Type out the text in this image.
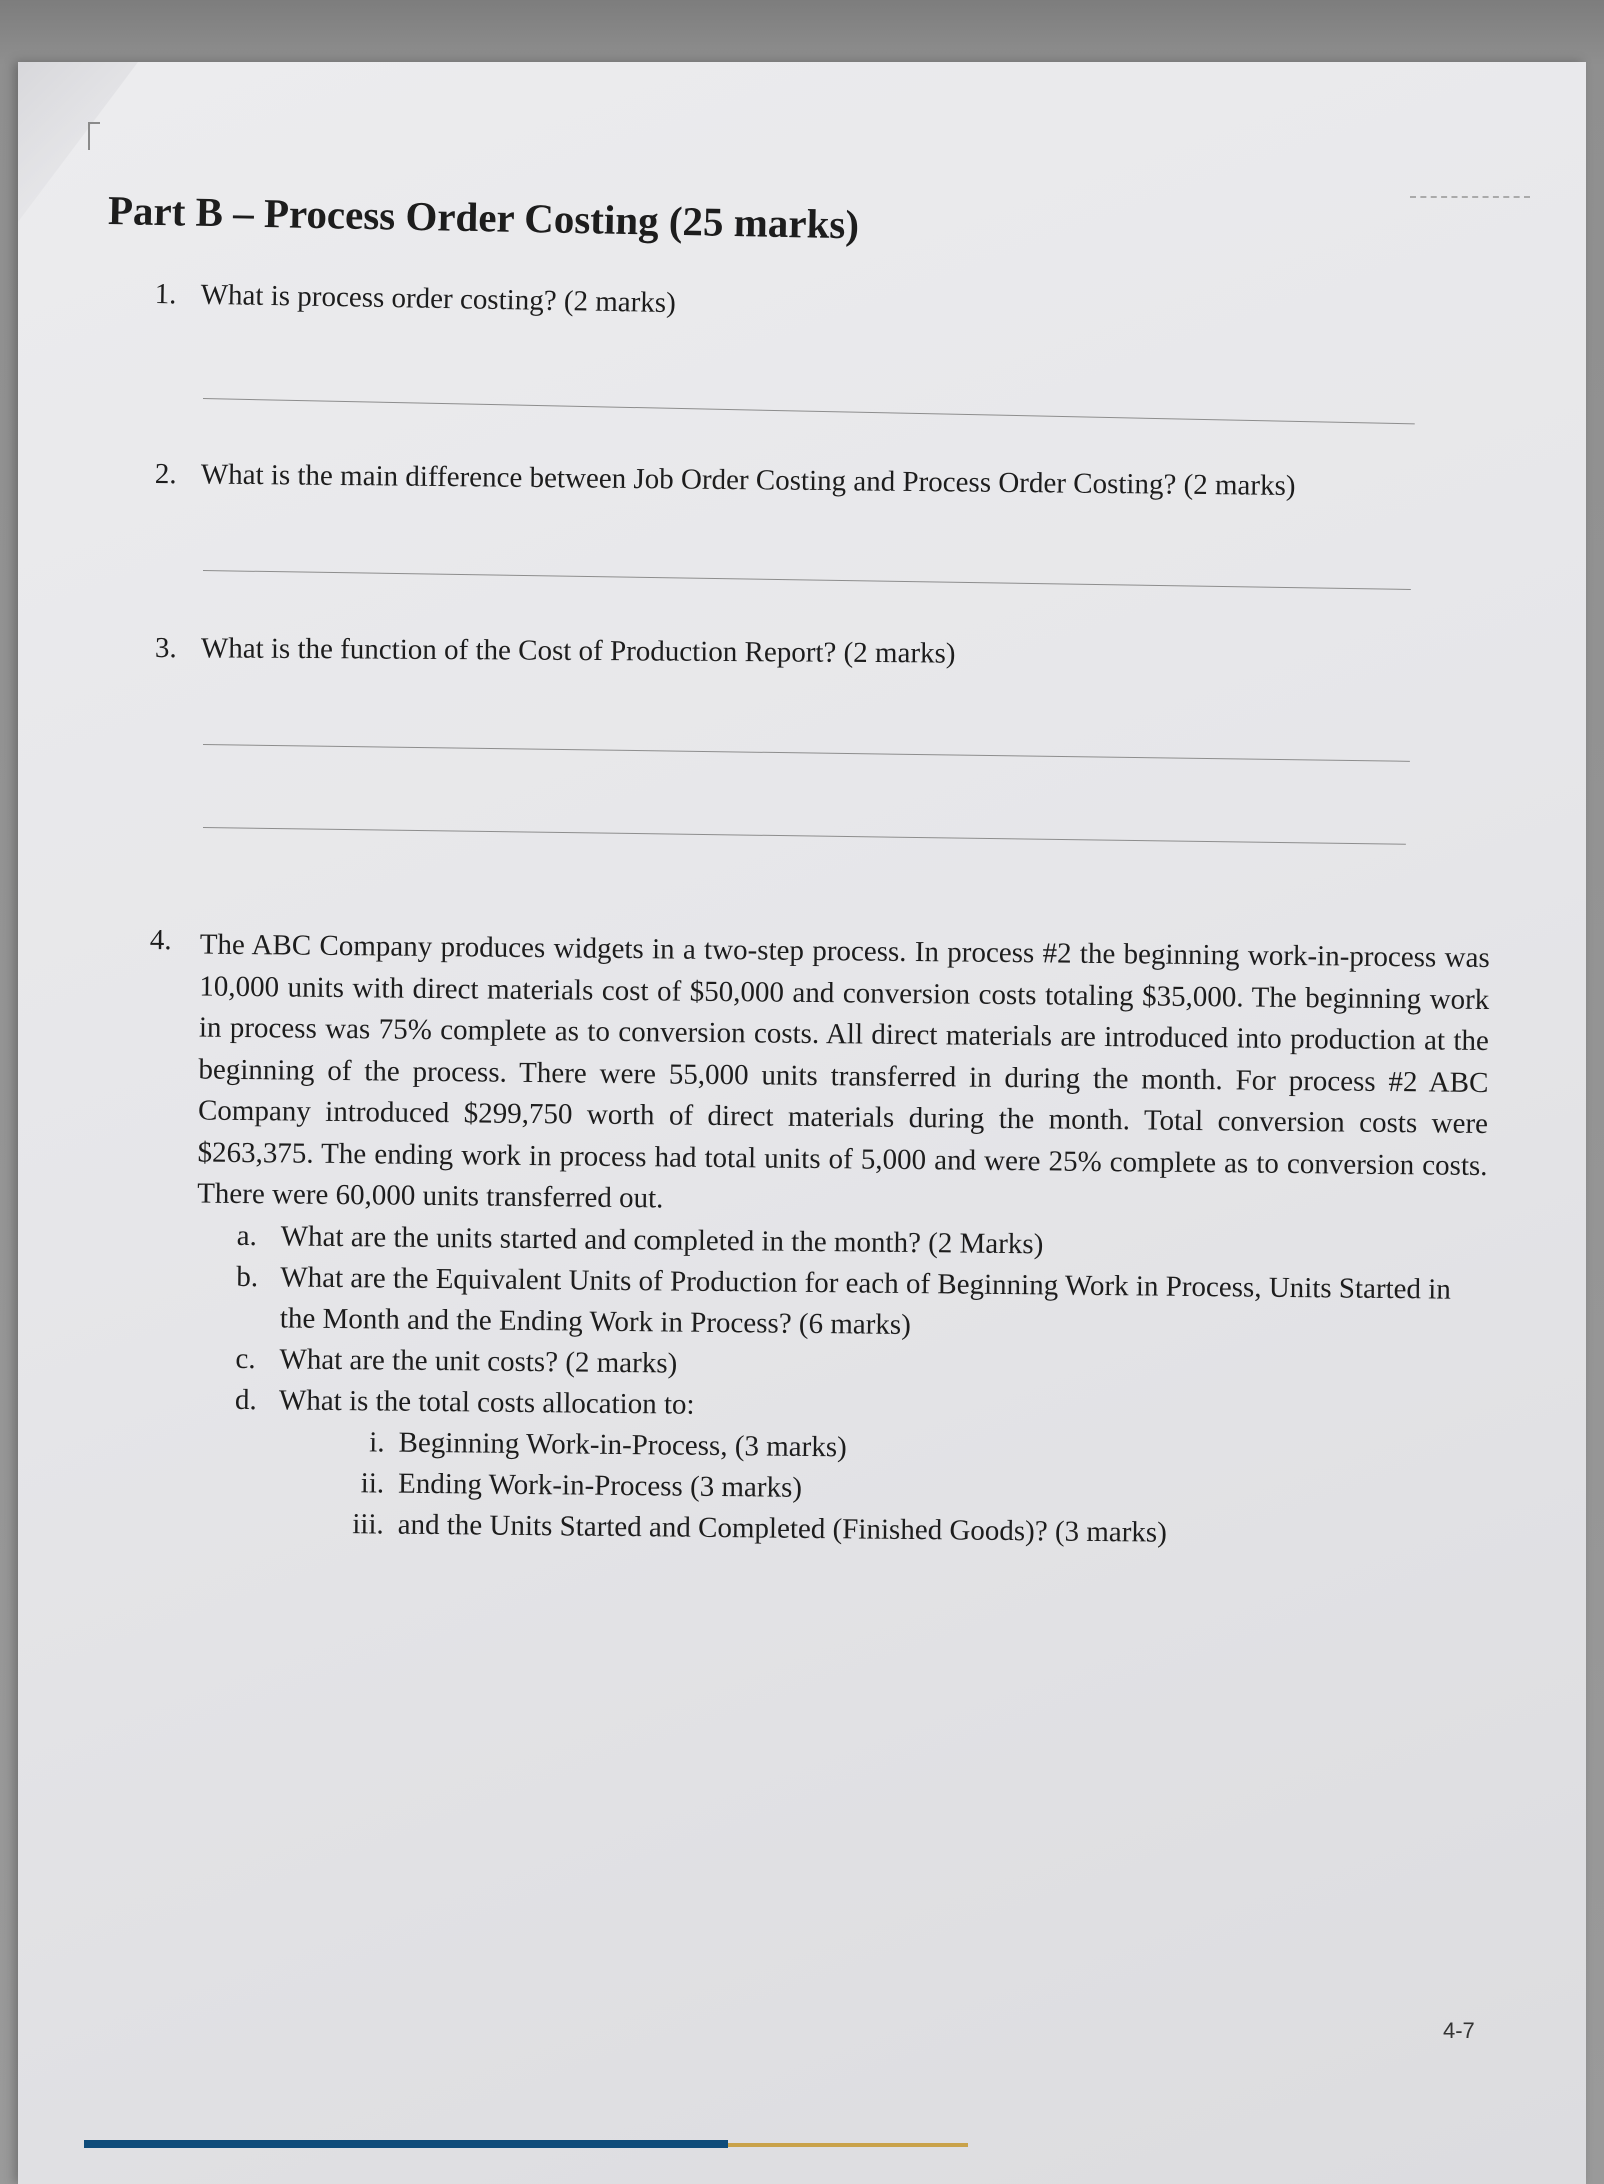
Part B – Process Order Costing (25 marks)
1. What is process order costing? (2 marks)
2. What is the main difference between Job Order Costing and Process Order Costing? (2 marks)
3. What is the function of the Cost of Production Report? (2 marks)
4. The ABC Company produces widgets in a two-step process. In process #2 the beginning work-in-process was 10,000 units with direct materials cost of $50,000 and conversion costs totaling $35,000. The beginning work in process was 75% complete as to conversion costs. All direct materials are introduced into production at the beginning of the process. There were 55,000 units transferred in during the month. For process #2 ABC Company introduced $299,750 worth of direct materials during the month. Total conversion costs were $263,375. The ending work in process had total units of 5,000 and were 25% complete as to conversion costs. There were 60,000 units transferred out.
a. What are the units started and completed in the month? (2 Marks)
b. What are the Equivalent Units of Production for each of Beginning Work in Process, Units Started in the Month and the Ending Work in Process? (6 marks)
c. What are the unit costs? (2 marks)
d. What is the total costs allocation to:
i. Beginning Work-in-Process, (3 marks)
ii. Ending Work-in-Process (3 marks)
iii. and the Units Started and Completed (Finished Goods)? (3 marks)
4-7
